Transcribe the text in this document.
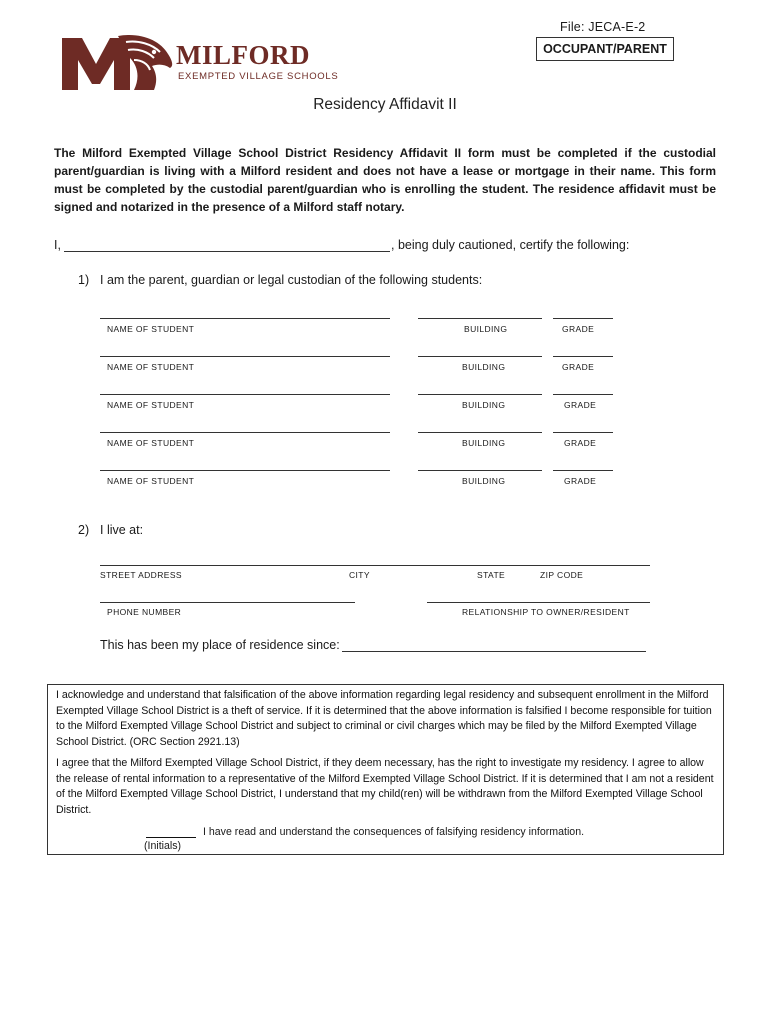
File: JECA-E-2
OCCUPANT/PARENT
MILFORD
EXEMPTED VILLAGE SCHOOLS
Residency Affidavit II
The Milford Exempted Village School District Residency Affidavit II form must be completed if the custodial parent/guardian is living with a Milford resident and does not have a lease or mortgage in their name. This form must be completed by the custodial parent/guardian who is enrolling the student. The residence affidavit must be signed and notarized in the presence of a Milford staff notary.
I,	, being duly cautioned, certify the following:
1) I am the parent, guardian or legal custodian of the following students:
NAME OF STUDENT	BUILDING	GRADE
NAME OF STUDENT	BUILDING	GRADE
NAME OF STUDENT	BUILDING	GRADE
NAME OF STUDENT	BUILDING	GRADE
NAME OF STUDENT	BUILDING	GRADE
2) I live at:
STREET ADDRESS	CITY	STATE	ZIP CODE
PHONE NUMBER	RELATIONSHIP TO OWNER/RESIDENT
This has been my place of residence since:
I acknowledge and understand that falsification of the above information regarding legal residency and subsequent enrollment in the Milford Exempted Village School District is a theft of service. If it is determined that the above information is falsified I become responsible for tuition to the Milford Exempted Village School District and subject to criminal or civil charges which may be filed by the Milford Exempted Village School District. (ORC Section 2921.13)
I agree that the Milford Exempted Village School District, if they deem necessary, has the right to investigate my residency. I agree to allow the release of rental information to a representative of the Milford Exempted Village School District. If it is determined that I am not a resident of the Milford Exempted Village School District, I understand that my child(ren) will be withdrawn from the Milford Exempted Village School District.
I have read and understand the consequences of falsifying residency information.
(Initials)
